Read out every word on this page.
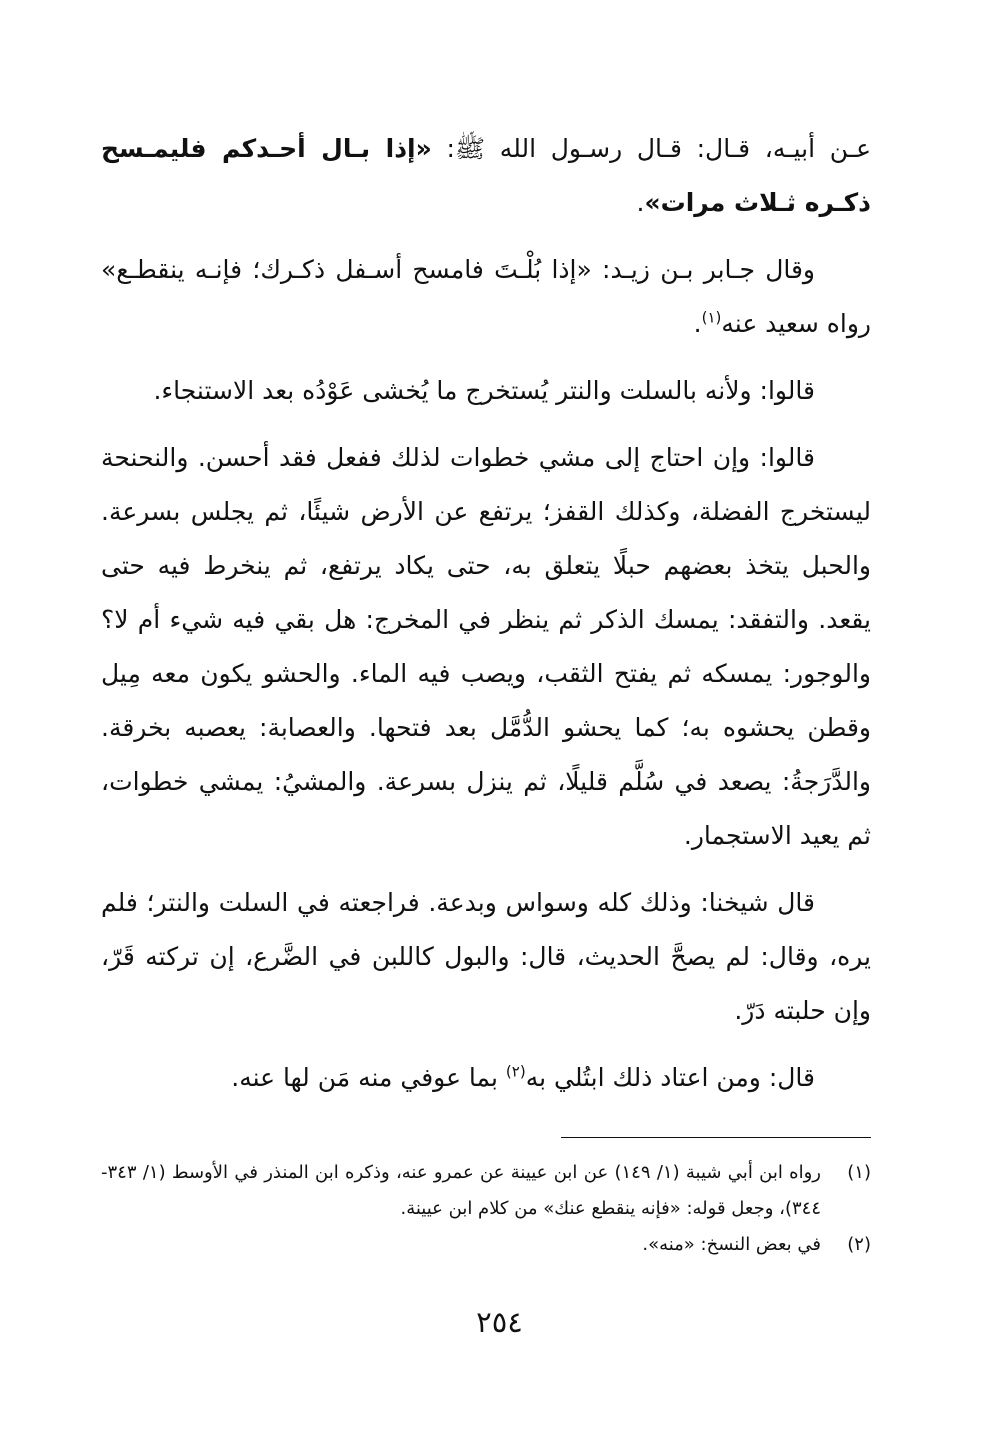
عـن أبيـه، قـال: قـال رسـول الله ﷺ: «إذا بـال أحـدكم فليمـسح ذكـره ثـلاث مرات».

وقال جـابر بـن زيـد: «إذا بُلْـتَ فامسح أسـفل ذكـرك؛ فإنـه ينقطـع» رواه سعيد عنه$^{(١)}$.

قالوا: ولأنه بالسلت والنتر يُستخرج ما يُخشى عَوْدُه بعد الاستنجاء.

قالوا: وإن احتاج إلى مشي خطوات لذلك ففعل فقد أحسن. والنحنحة ليستخرج الفضلة، وكذلك القفز؛ يرتفع عن الأرض شيئًا، ثم يجلس بسرعة. والحبل يتخذ بعضهم حبلًا يتعلق به، حتى يكاد يرتفع، ثم ينخرط فيه حتى يقعد. والتفقد: يمسك الذكر ثم ينظر في المخرج: هل بقي فيه شيء أم لا؟ والوجور: يمسكه ثم يفتح الثقب، ويصب فيه الماء. والحشو يكون معه مِيل وقطن يحشوه به؛ كما يحشو الدُّمَّل بعد فتحها. والعصابة: يعصبه بخرقة. والدَّرَجةُ: يصعد في سُلَّم قليلًا، ثم ينزل بسرعة. والمشيُ: يمشي خطوات، ثم يعيد الاستجمار.

قال شيخنا: وذلك كله وسواس وبدعة. فراجعته في السلت والنتر؛ فلم يره، وقال: لم يصحَّ الحديث، قال: والبول كاللبن في الضَّرع، إن تركته قَرّ، وإن حلبته دَرّ.

قال: ومن اعتاد ذلك ابتُلي به$^{(٢)}$ بما عوفي منه مَن لها عنه.

(١)
رواه ابن أبي شيبة (١/ ١٤٩) عن ابن عيينة عن عمرو عنه، وذكره ابن المنذر في الأوسط (١/ ٣٤٣- ٣٤٤)، وجعل قوله: «فإنه ينقطع عنك» من كلام ابن عيينة.
(٢)
في بعض النسخ: «منه».
٢٥٤
